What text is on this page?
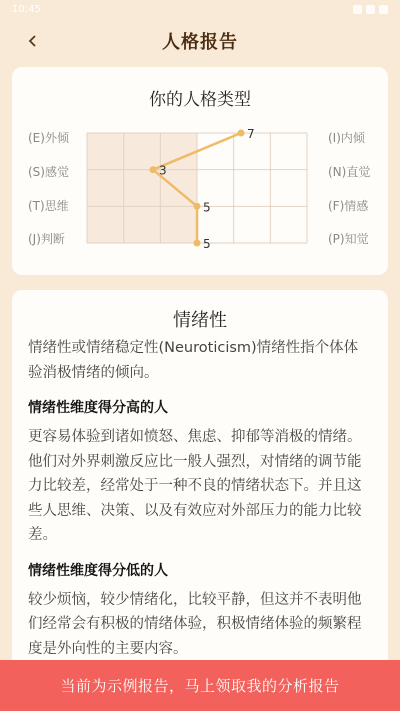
10:45
人格报告
你的人格类型
(E)外倾
(S)感觉
(T)思维
(J)判断
(I)内倾
(N)直觉
(F)情感
(P)知觉
7
3
5
5
情绪性

情绪性或情绪稳定性(Neuroticism)情绪性指个体体验消极情绪的倾向。

情绪性维度得分高的人

更容易体验到诸如愤怒、焦虑、抑郁等消极的情绪。他们对外界刺激反应比一般人强烈，对情绪的调节能力比较差，经常处于一种不良的情绪状态下。并且这些人思维、决策、以及有效应对外部压力的能力比较差。

情绪性维度得分低的人

较少烦恼，较少情绪化，比较平静，但这并不表明他们经常会有积极的情绪体验，积极情绪体验的频繁程度是外向性的主要内容。

当前为示例报告，马上领取我的分析报告
